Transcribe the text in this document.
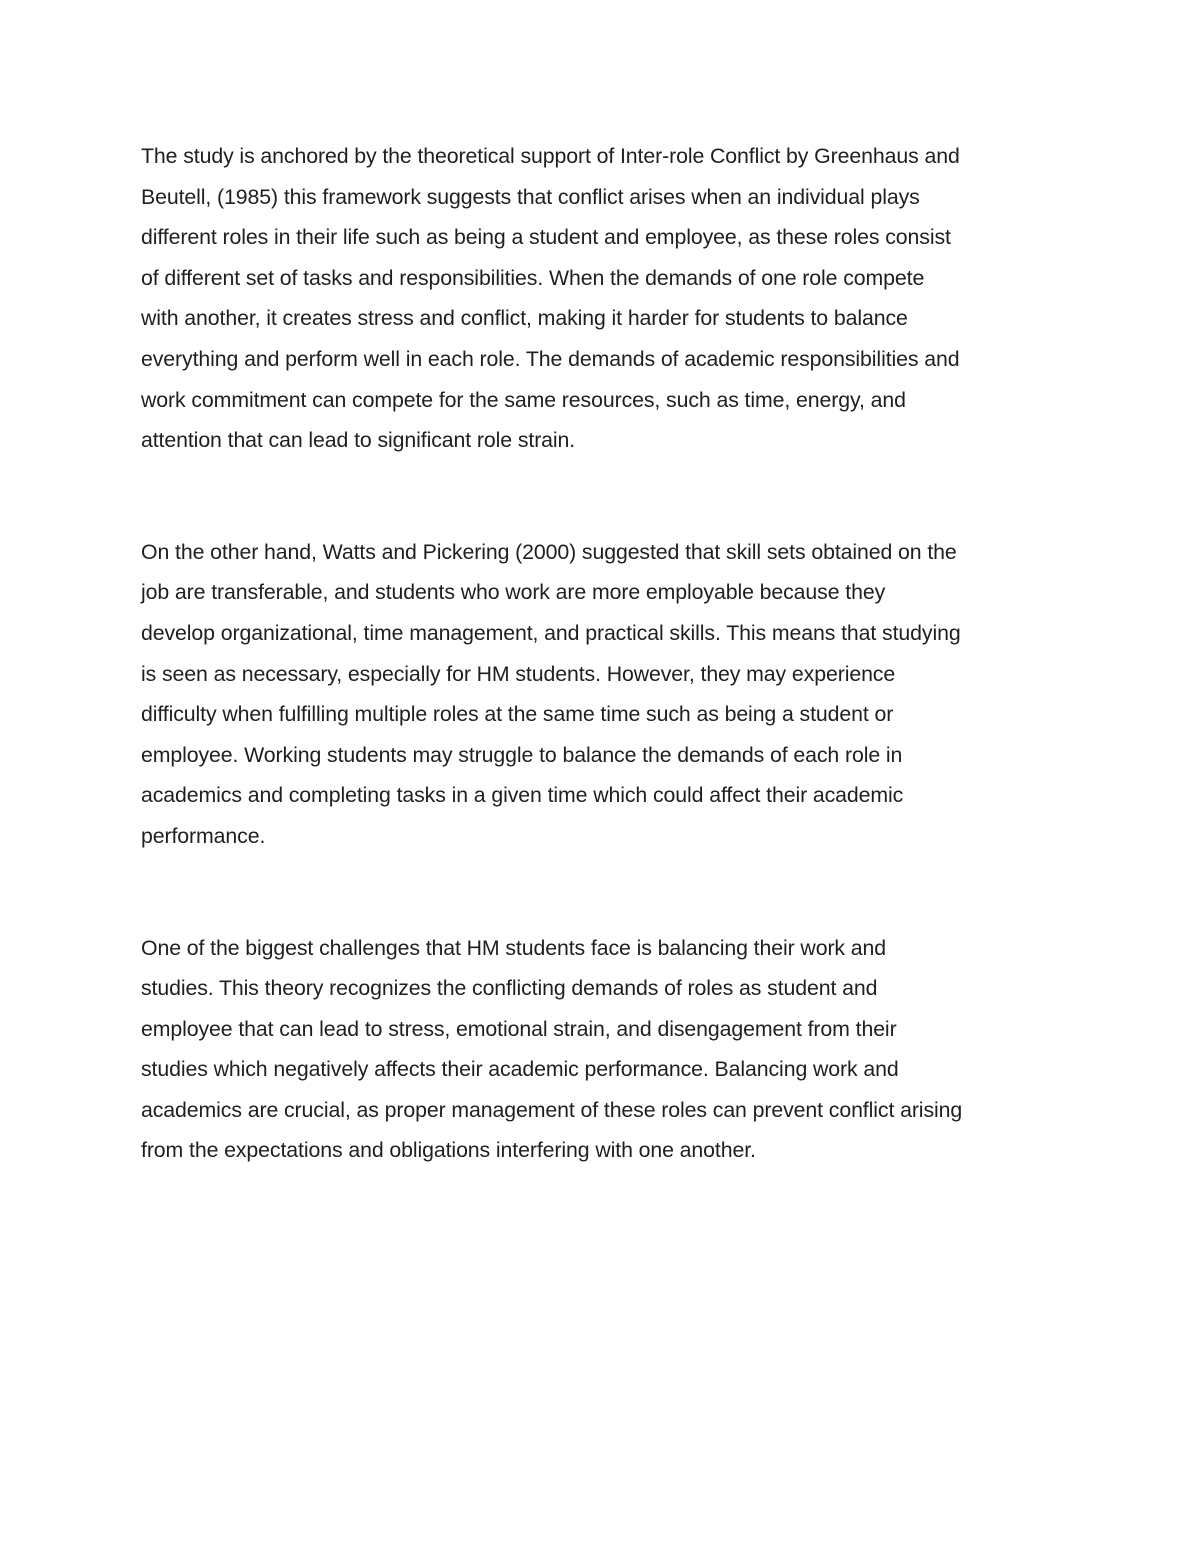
The study is anchored by the theoretical support of Inter-role Conflict by Greenhaus and
Beutell, (1985) this framework suggests that conflict arises when an individual plays
different roles in their life such as being a student and employee, as these roles consist
of different set of tasks and responsibilities. When the demands of one role compete
with another, it creates stress and conflict, making it harder for students to balance
everything and perform well in each role. The demands of academic responsibilities and
work commitment can compete for the same resources, such as time, energy, and
attention that can lead to significant role strain.

On the other hand, Watts and Pickering (2000) suggested that skill sets obtained on the
job are transferable, and students who work are more employable because they
develop organizational, time management, and practical skills. This means that studying
is seen as necessary, especially for HM students. However, they may experience
difficulty when fulfilling multiple roles at the same time such as being a student or
employee. Working students may struggle to balance the demands of each role in
academics and completing tasks in a given time which could affect their academic
performance.

One of the biggest challenges that HM students face is balancing their work and
studies. This theory recognizes the conflicting demands of roles as student and
employee that can lead to stress, emotional strain, and disengagement from their
studies which negatively affects their academic performance. Balancing work and
academics are crucial, as proper management of these roles can prevent conflict arising
from the expectations and obligations interfering with one another.
